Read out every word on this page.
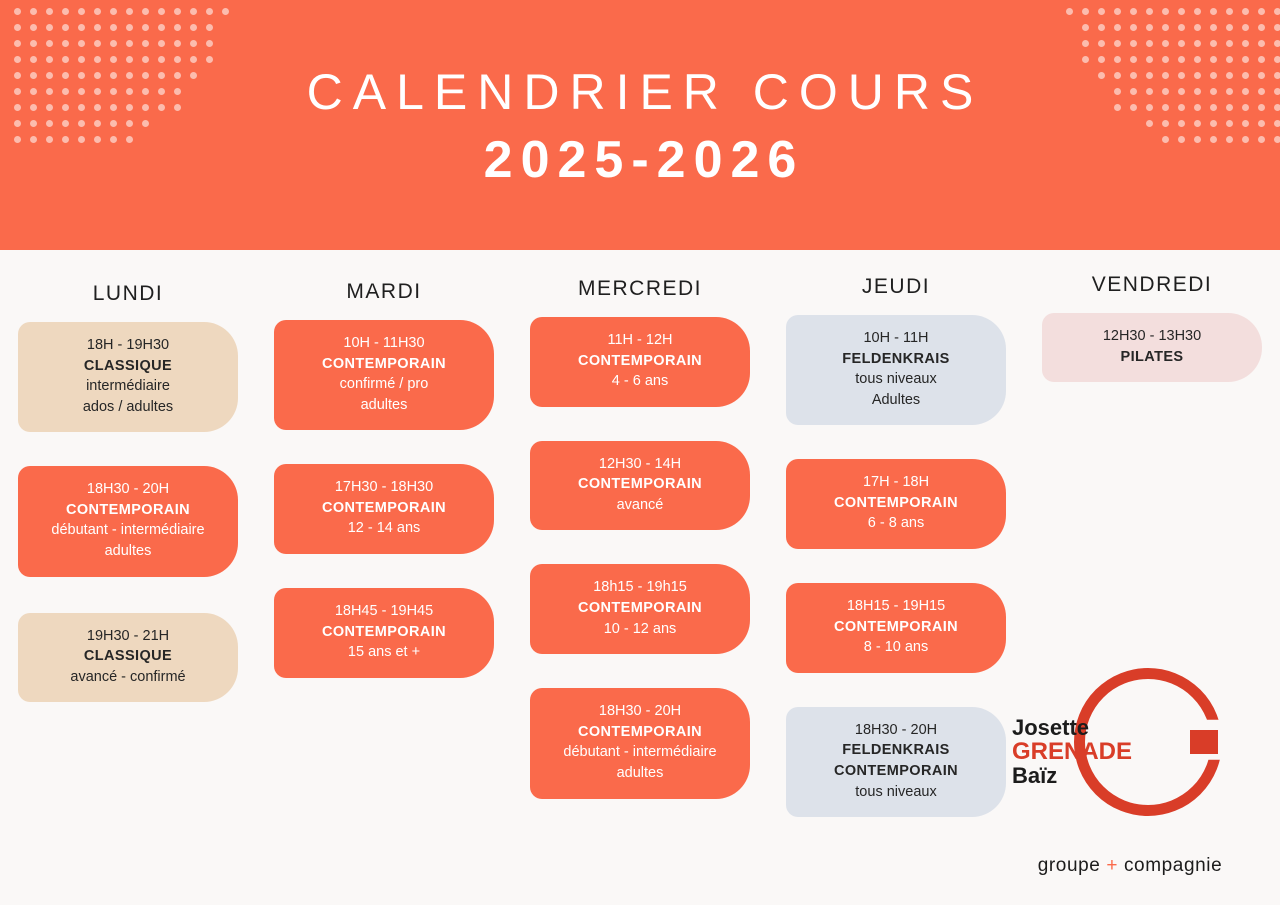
CALENDRIER COURS
2025-2026
LUNDI
18H - 19H30
CLASSIQUE
intermédiaire
ados / adultes
18H30 - 20H
CONTEMPORAIN
débutant - intermédiaire
adultes
19H30 - 21H
CLASSIQUE
avancé - confirmé
MARDI
10H - 11H30
CONTEMPORAIN
confirmé / pro
adultes
17H30 - 18H30
CONTEMPORAIN
12 - 14 ans
18H45 - 19H45
CONTEMPORAIN
15 ans et +
MERCREDI
11H - 12H
CONTEMPORAIN
4 - 6 ans
12H30 - 14H
CONTEMPORAIN
avancé
18h15 - 19h15
CONTEMPORAIN
10 - 12 ans
18H30 - 20H
CONTEMPORAIN
débutant - intermédiaire
adultes
JEUDI
10H - 11H
FELDENKRAIS
tous niveaux
Adultes
17H - 18H
CONTEMPORAIN
6 - 8 ans
18H15 - 19H15
CONTEMPORAIN
8 - 10 ans
18H30 - 20H
FELDENKRAIS
CONTEMPORAIN
tous niveaux
VENDREDI
12H30 - 13H30
PILATES
Josette
GRENADE
Baïz
groupe + compagnie
